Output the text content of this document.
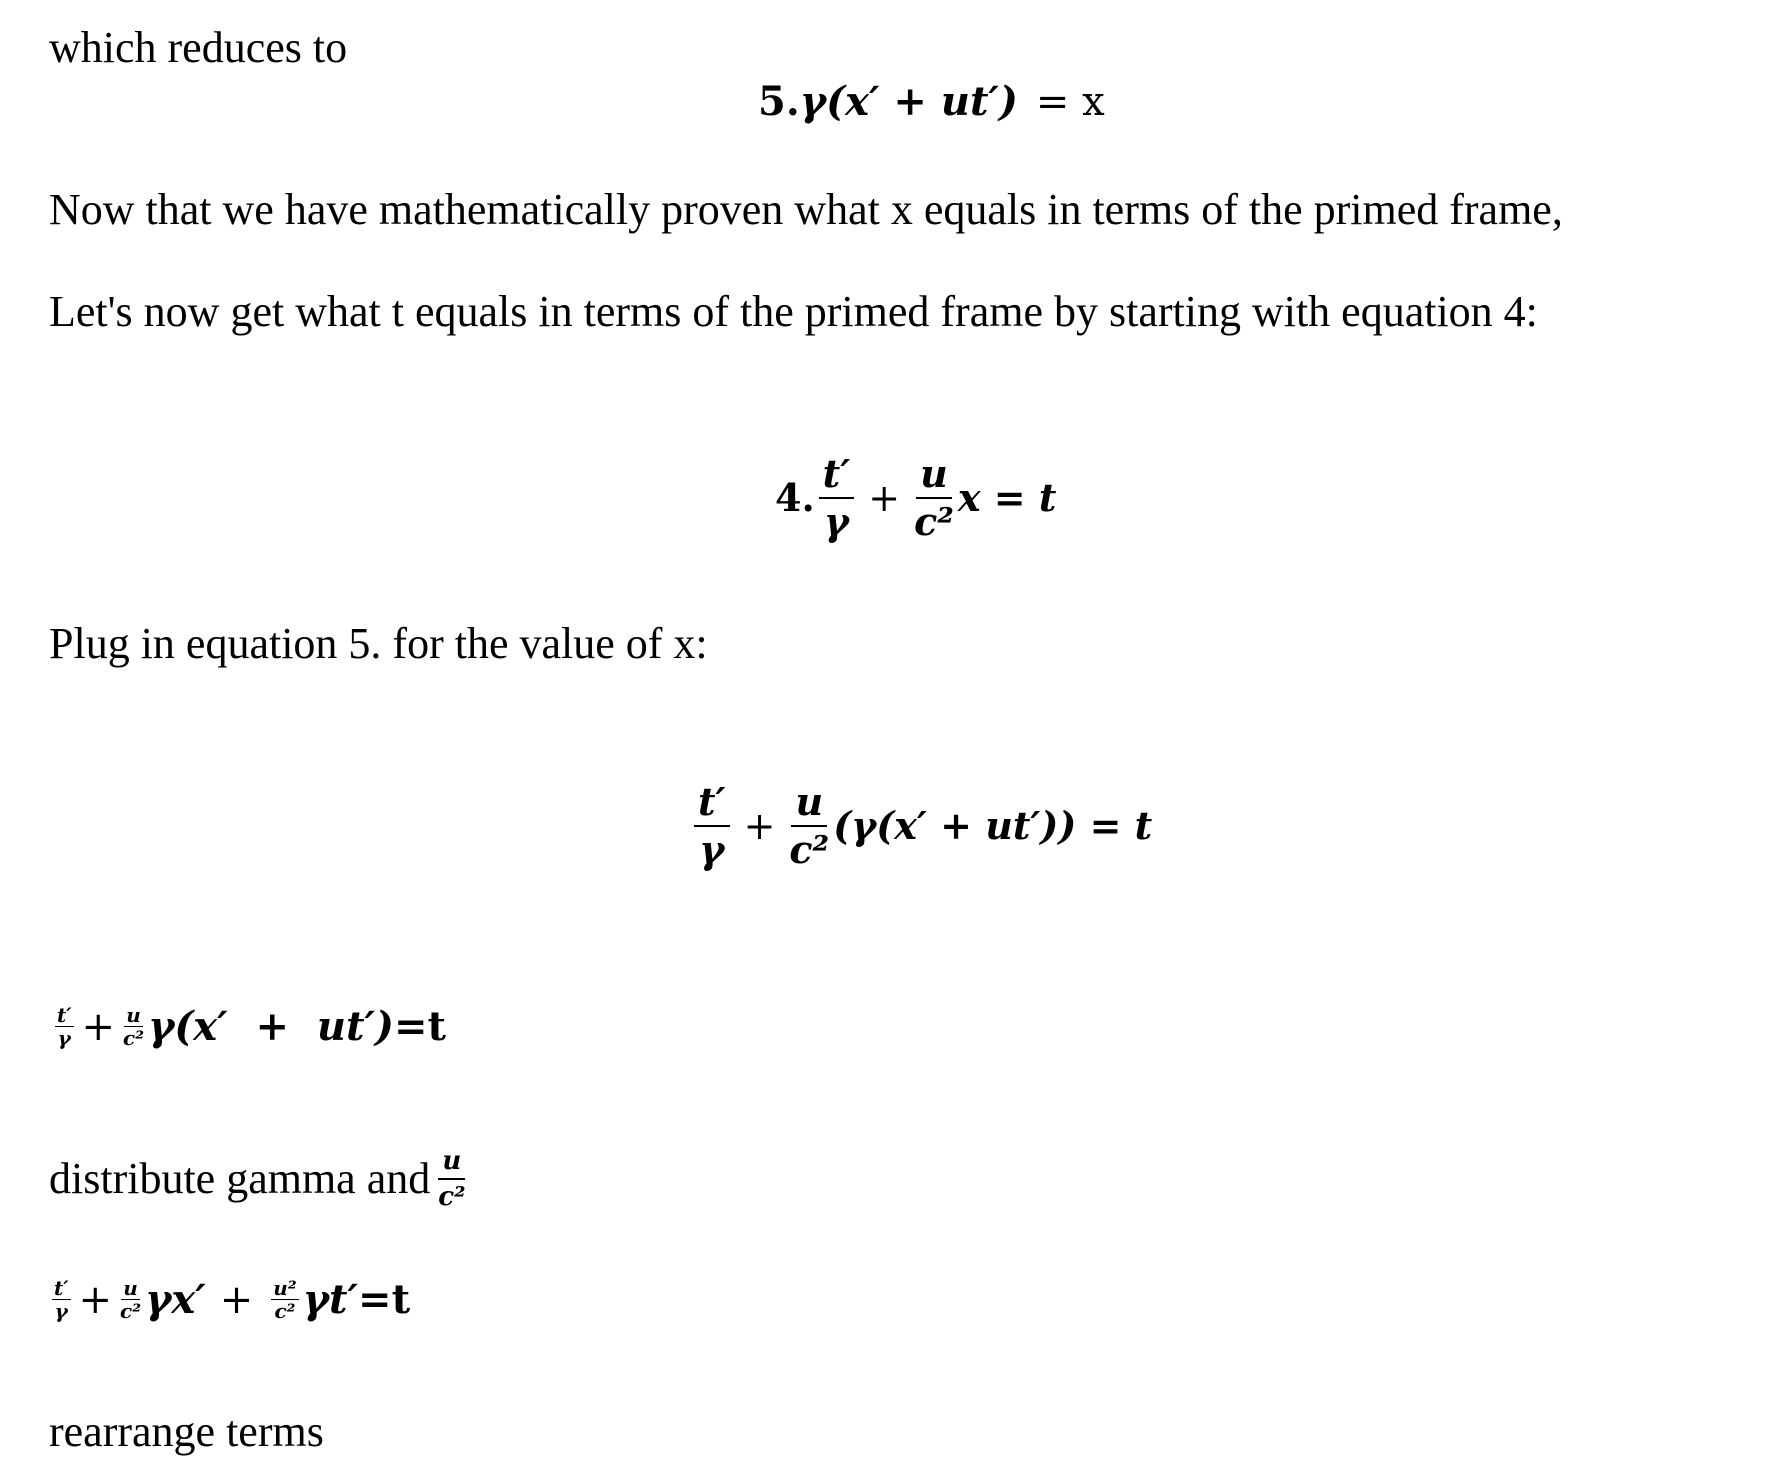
which reduces to
5. γ(x′ + ut′) = x
Now that we have mathematically proven what x equals in terms of the primed frame,
Let's now get what t equals in terms of the primed frame by starting with equation 4:
4. $\frac{t'}{\gamma} + \frac{u}{\text{c²}}$ x = t
Plug in equation 5. for the value of x:
$\frac{t'}{\gamma} + \frac{u}{\text{c²}} (\gamma(x' + ut')) = t$
$\frac{t'}{\gamma} + \frac{u}{\text{c²}} \gamma(x' + ut') =t$
distribute gamma and $\frac{u}{\text{c²}}$
$\frac{t'}{\gamma} + \frac{u}{\text{c²}} \gamma x' + \frac{\text{u²}}{\text{c²}} \gamma t' =t$
rearrange terms
